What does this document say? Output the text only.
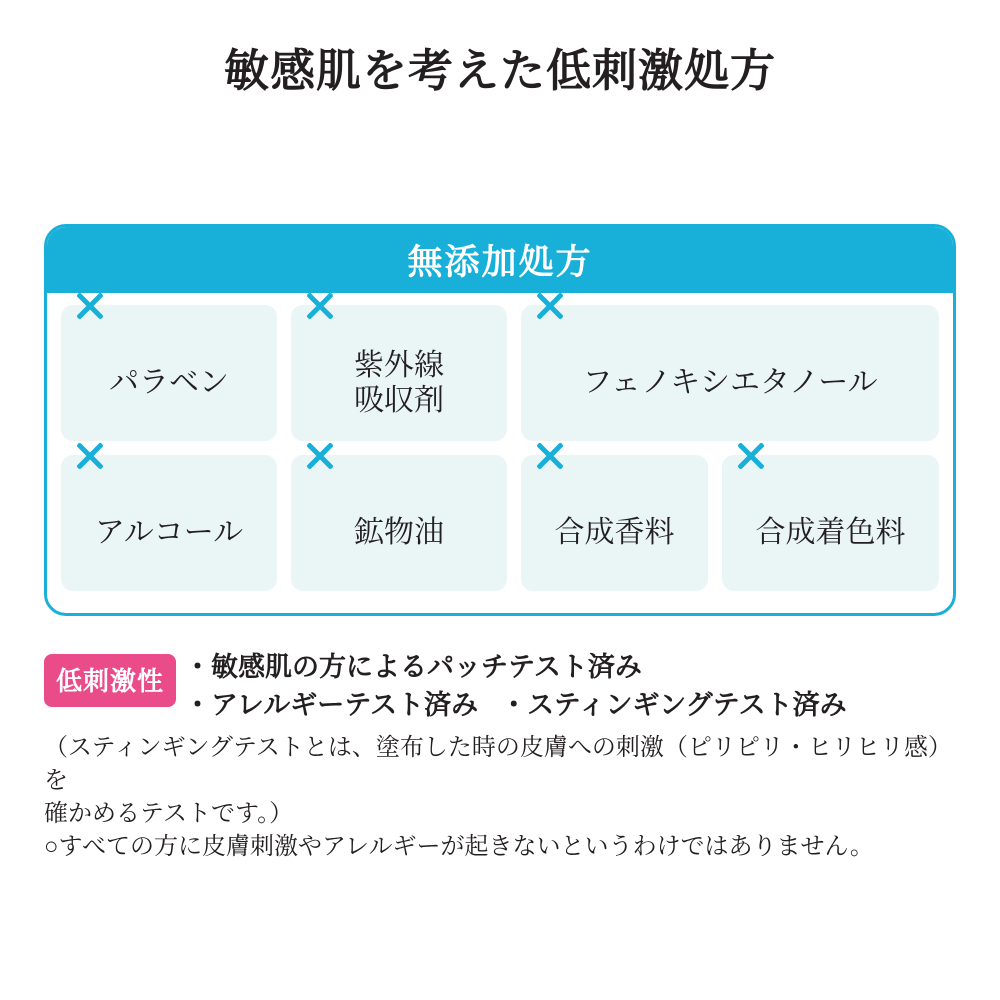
敏感肌を考えた低刺激処方
無添加処方
パラベン
紫外線
吸収剤
フェノキシエタノール
アルコール	鉱物油	合成香料	合成着色料
低刺激性 ・敏感肌の方によるパッチテスト済み
・アレルギーテスト済み ・スティンギングテスト済み

（スティンギングテストとは、塗布した時の皮膚への刺激（ピリピリ・ヒリヒリ感）を

確かめるテストです。）

○すべての方に皮膚刺激やアレルギーが起きないというわけではありません。
